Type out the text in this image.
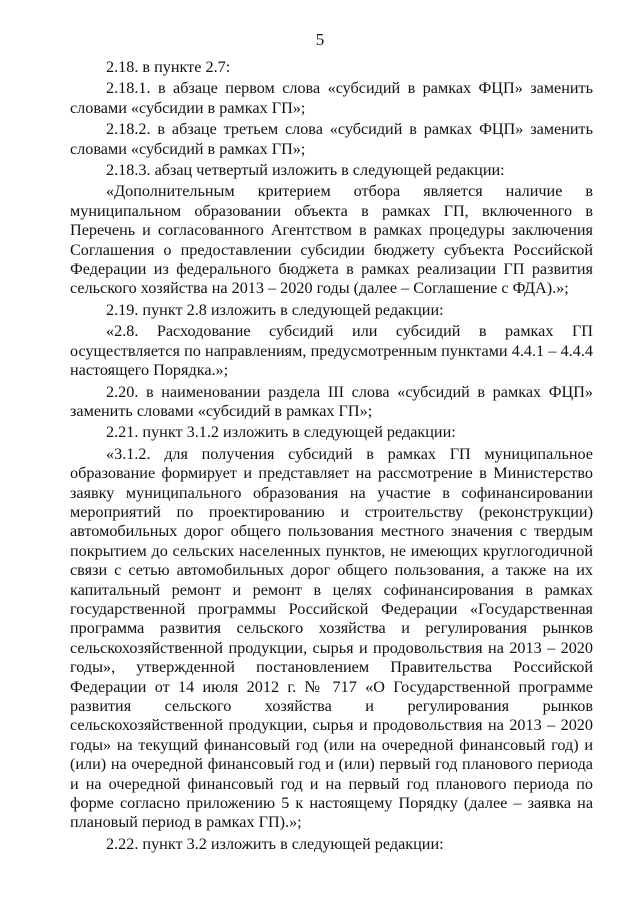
5

2.18. в пункте 2.7:

2.18.1. в абзаце первом слова «субсидий в рамках ФЦП» заменить словами «субсидии в рамках ГП»;

2.18.2. в абзаце третьем слова «субсидий в рамках ФЦП» заменить словами «субсидий в рамках ГП»;

2.18.3. абзац четвертый изложить в следующей редакции:

«Дополнительным критерием отбора является наличие в муниципальном образовании объекта в рамках ГП, включенного в Перечень и согласованного Агентством в рамках процедуры заключения Соглашения о предоставлении субсидии бюджету субъекта Российской Федерации из федерального бюджета в рамках реализации ГП развития сельского хозяйства на 2013 – 2020 годы (далее – Соглашение с ФДА).»;

2.19. пункт 2.8 изложить в следующей редакции:

«2.8. Расходование субсидий или субсидий в рамках ГП осуществляется по направлениям, предусмотренным пунктами 4.4.1 – 4.4.4 настоящего Порядка.»;

2.20. в наименовании раздела III слова «субсидий в рамках ФЦП» заменить словами «субсидий в рамках ГП»;

2.21. пункт 3.1.2 изложить в следующей редакции:

«3.1.2. для получения субсидий в рамках ГП муниципальное образование формирует и представляет на рассмотрение в Министерство заявку муниципального образования на участие в софинансировании мероприятий по проектированию и строительству (реконструкции) автомобильных дорог общего пользования местного значения с твердым покрытием до сельских населенных пунктов, не имеющих круглогодичной связи с сетью автомобильных дорог общего пользования, а также на их капитальный ремонт и ремонт в целях софинансирования в рамках государственной программы Российской Федерации «Государственная программа развития сельского хозяйства и регулирования рынков сельскохозяйственной продукции, сырья и продовольствия на 2013 – 2020 годы», утвержденной постановлением Правительства Российской Федерации от 14 июля 2012 г. № 717 «О Государственной программе развития сельского хозяйства и регулирования рынков сельскохозяйственной продукции, сырья и продовольствия на 2013 – 2020 годы» на текущий финансовый год (или на очередной финансовый год) и (или) на очередной финансовый год и (или) первый год планового периода и на очередной финансовый год и на первый год планового периода по форме согласно приложению 5 к настоящему Порядку (далее – заявка на плановый период в рамках ГП).»;

2.22. пункт 3.2 изложить в следующей редакции:
